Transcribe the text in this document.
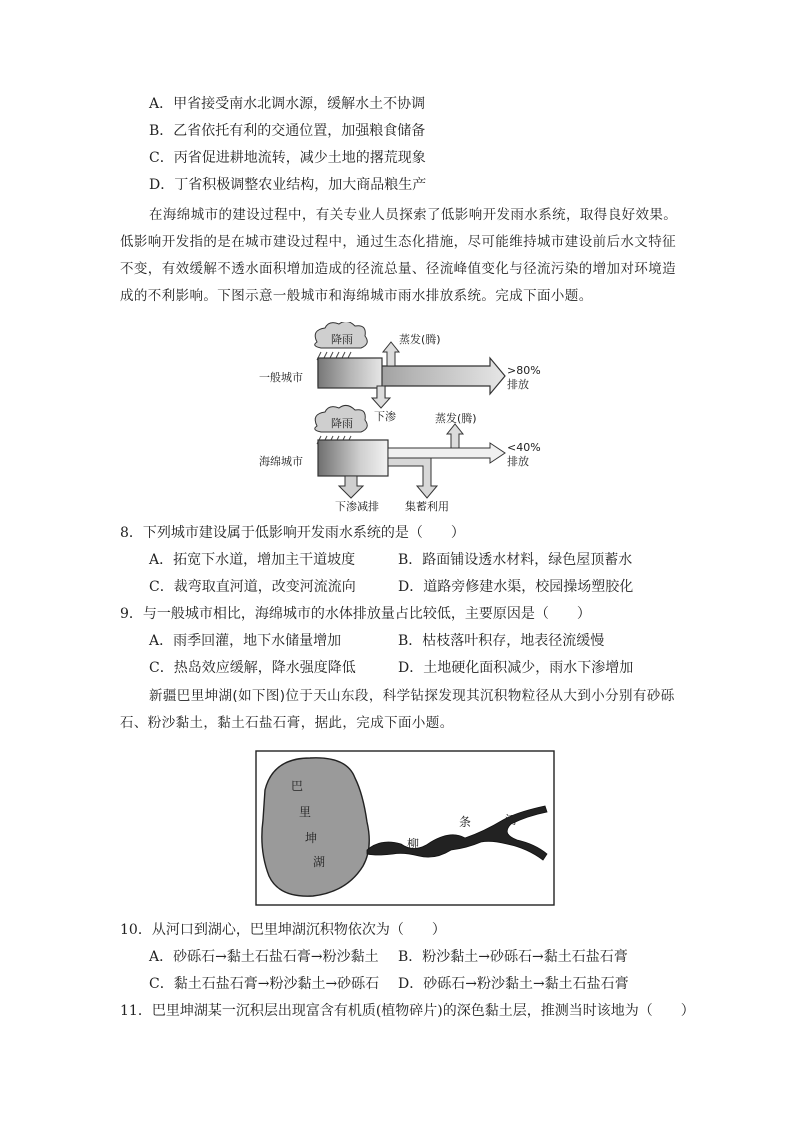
A．甲省接受南水北调水源，缓解水土不协调
B．乙省依托有利的交通位置，加强粮食储备
C．丙省促进耕地流转，减少土地的撂荒现象
D．丁省积极调整农业结构，加大商品粮生产
在海绵城市的建设过程中，有关专业人员探索了低影响开发雨水系统，取得良好效果。
低影响开发指的是在城市建设过程中，通过生态化措施，尽可能维持城市建设前后水文特征
不变，有效缓解不透水面积增加造成的径流总量、径流峰值变化与径流污染的增加对环境造
成的不利影响。下图示意一般城市和海绵城市雨水排放系统。完成下面小题。
降雨	蒸发(腾)
下渗
一般城市
>80%
排放
降雨	蒸发(腾)
海绵城市
<40%
排放
下渗减排 集蓄利用
8．下列城市建设属于低影响开发雨水系统的是（　　）
A．拓宽下水道，增加主干道坡度	B．路面铺设透水材料，绿色屋顶蓄水
C．裁弯取直河道，改变河流流向	D．道路旁修建水渠，校园操场塑胶化
9．与一般城市相比，海绵城市的水体排放量占比较低，主要原因是（　　）
A．雨季回灌，地下水储量增加	B．枯枝落叶积存，地表径流缓慢
C．热岛效应缓解，降水强度降低	D．土地硬化面积减少，雨水下渗增加
新疆巴里坤湖(如下图)位于天山东段，科学钻探发现其沉积物粒径从大到小分别有砂砾
石、粉沙黏土，黏土石盐石膏，据此，完成下面小题。
巴
里
坤
湖
柳
条	河
10．从河口到湖心，巴里坤湖沉积物依次为（　　）
A．砂砾石→黏土石盐石膏→粉沙黏土 B．粉沙黏土→砂砾石→黏土石盐石膏
C．黏土石盐石膏→粉沙黏土→砂砾石 D．砂砾石→粉沙黏土→黏土石盐石膏
11．巴里坤湖某一沉积层出现富含有机质(植物碎片)的深色黏土层，推测当时该地为（　　）
